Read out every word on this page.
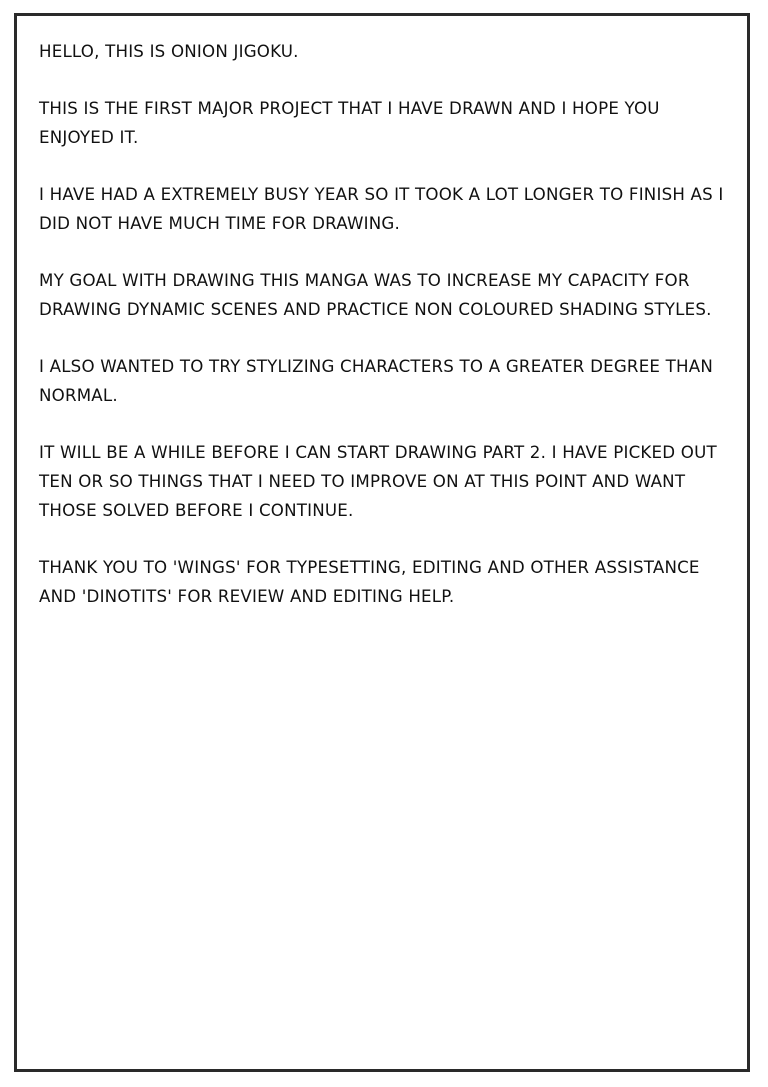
HELLO, THIS IS ONION JIGOKU.

THIS IS THE FIRST MAJOR PROJECT THAT I HAVE DRAWN AND I HOPE YOU ENJOYED IT.

I HAVE HAD A EXTREMELY BUSY YEAR SO IT TOOK A LOT LONGER TO FINISH AS I DID NOT HAVE MUCH TIME FOR DRAWING.

MY GOAL WITH DRAWING THIS MANGA WAS TO INCREASE MY CAPACITY FOR DRAWING DYNAMIC SCENES AND PRACTICE NON COLOURED SHADING STYLES.

I ALSO WANTED TO TRY STYLIZING CHARACTERS TO A GREATER DEGREE THAN NORMAL.

IT WILL BE A WHILE BEFORE I CAN START DRAWING PART 2. I HAVE PICKED OUT TEN OR SO THINGS THAT I NEED TO IMPROVE ON AT THIS POINT AND WANT THOSE SOLVED BEFORE I CONTINUE.

THANK YOU TO 'WINGS' FOR TYPESETTING, EDITING AND OTHER ASSISTANCE AND 'DINOTITS' FOR REVIEW AND EDITING HELP.
